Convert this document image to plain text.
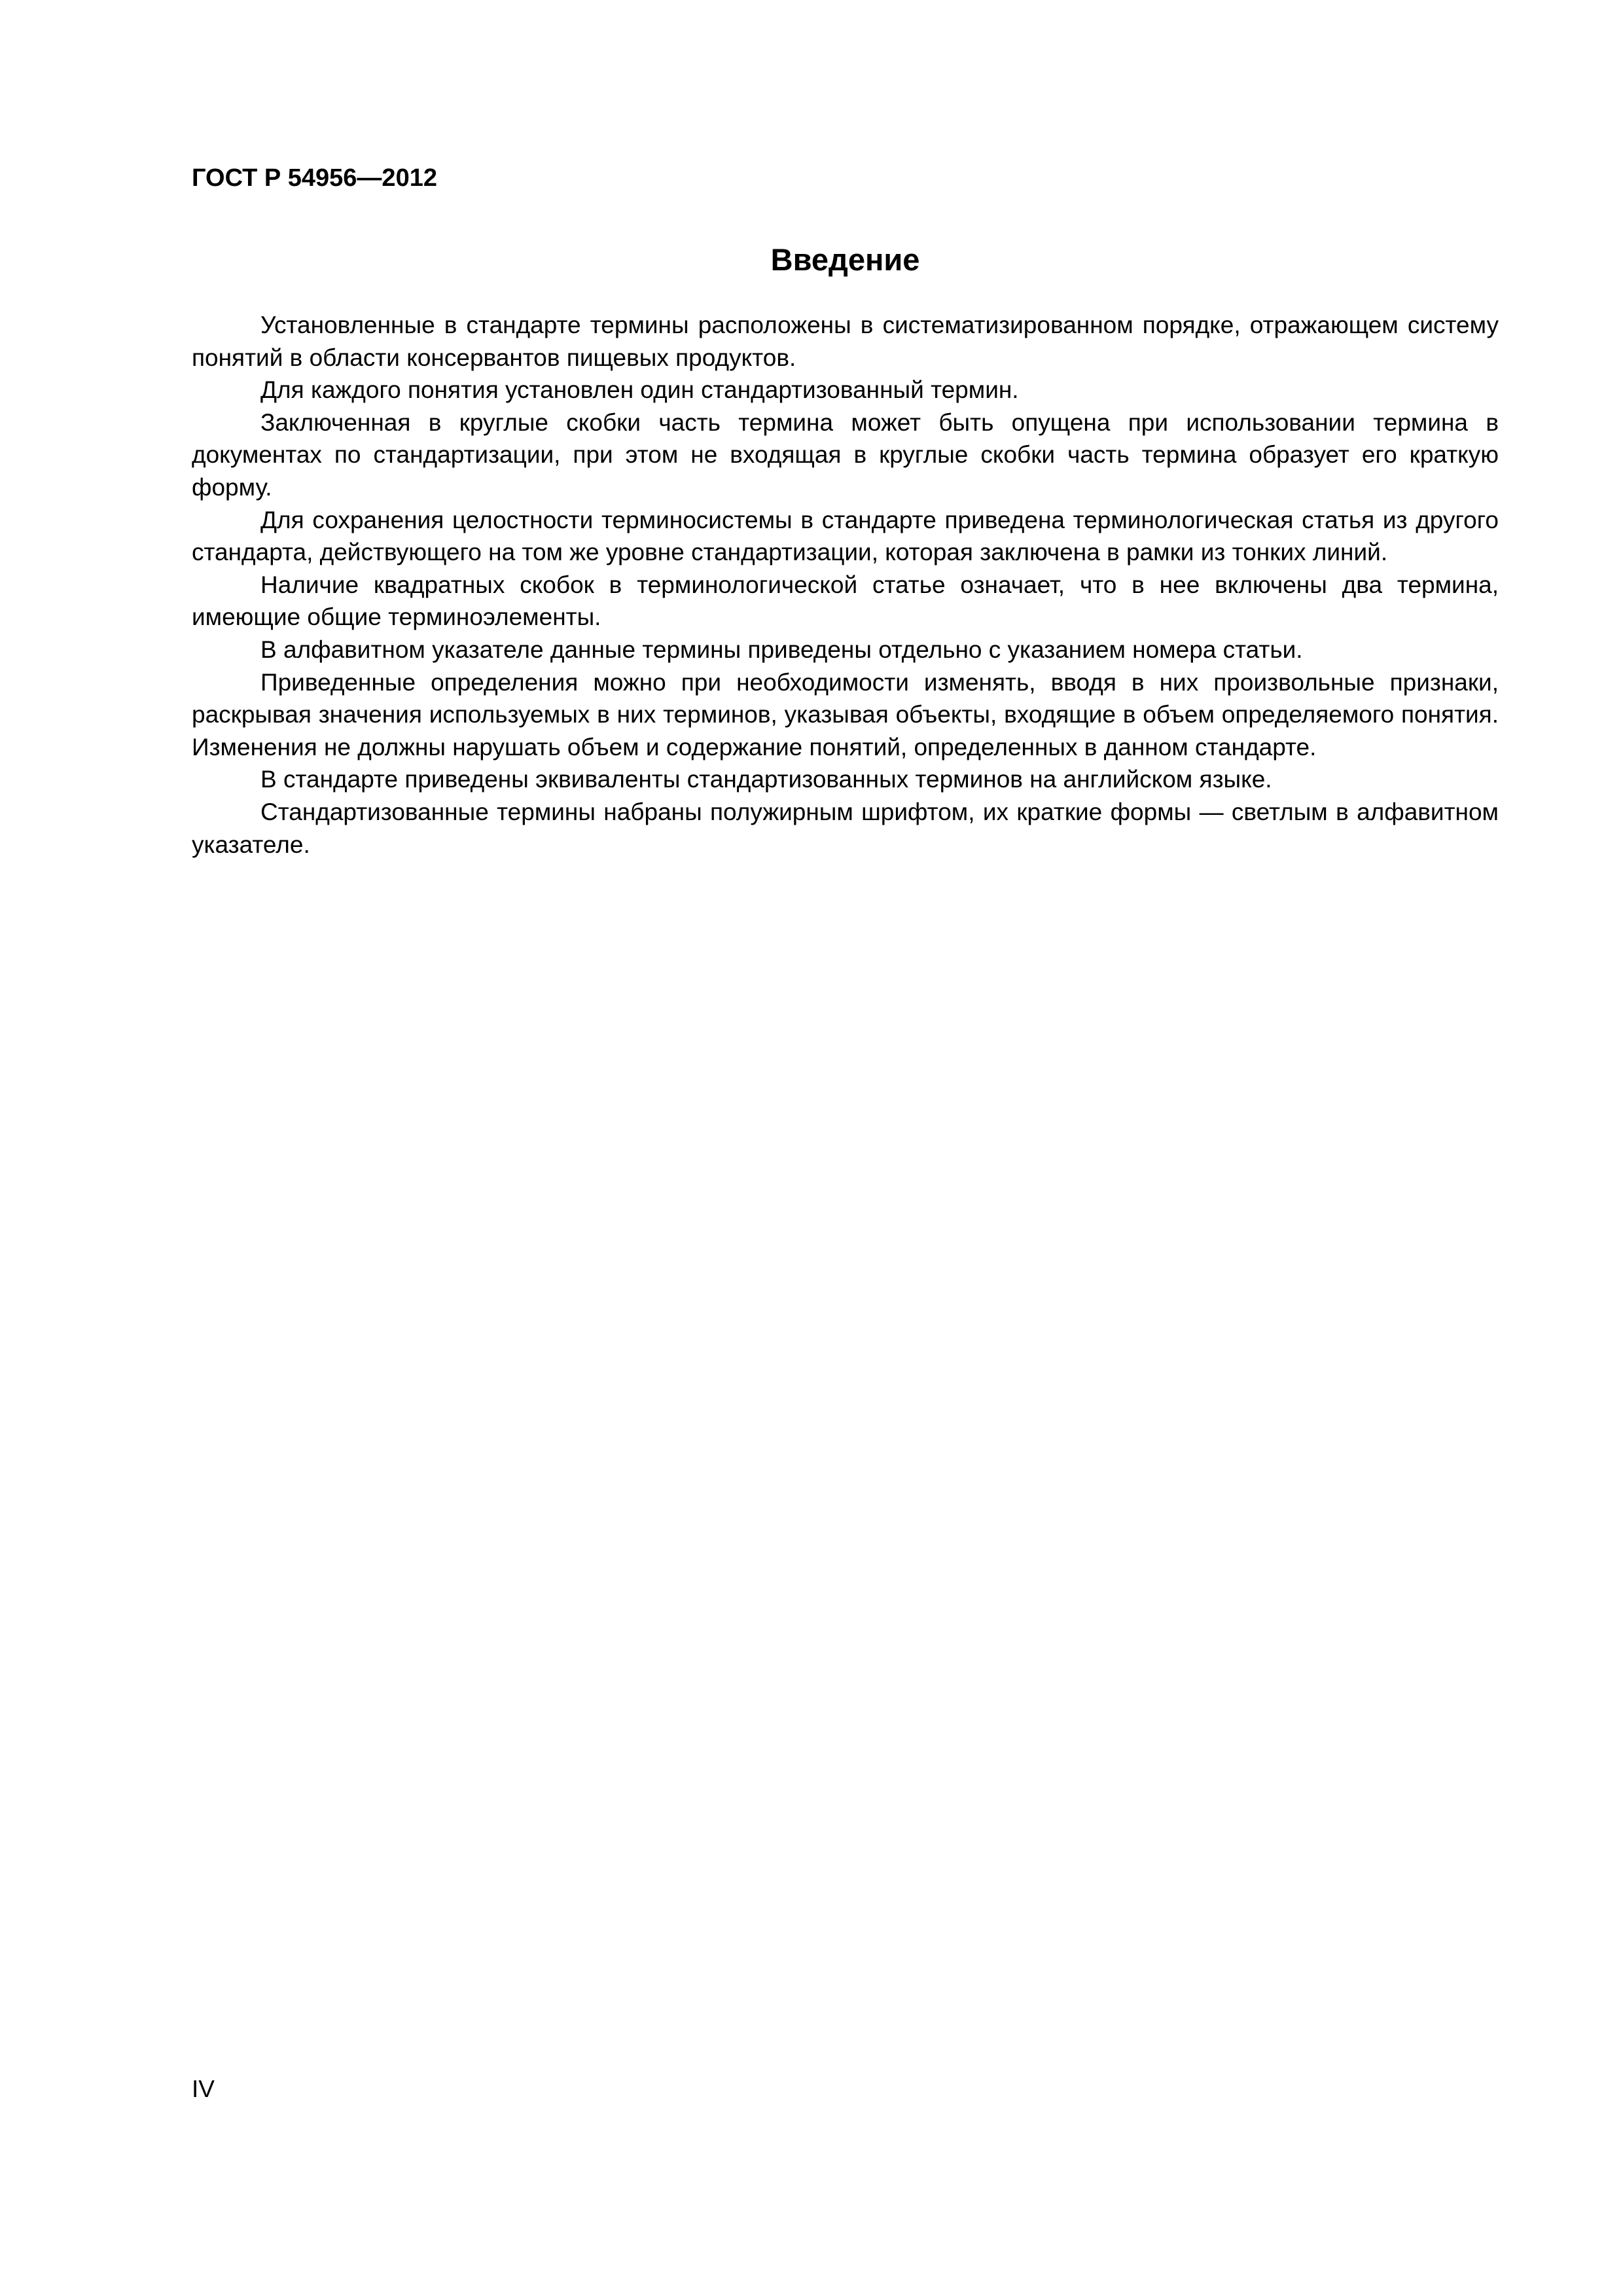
ГОСТ Р 54956—2012
Введение

Установленные в стандарте термины расположены в систематизированном порядке, отражающем систему понятий в области консервантов пищевых продуктов.

Для каждого понятия установлен один стандартизованный термин.

Заключенная в круглые скобки часть термина может быть опущена при использовании термина в документах по стандартизации, при этом не входящая в круглые скобки часть термина образует его краткую форму.

Для сохранения целостности терминосистемы в стандарте приведена терминологическая статья из другого стандарта, действующего на том же уровне стандартизации, которая заключена в рамки из тонких линий.

Наличие квадратных скобок в терминологической статье означает, что в нее включены два термина, имеющие общие терминоэлементы.

В алфавитном указателе данные термины приведены отдельно с указанием номера статьи.

Приведенные определения можно при необходимости изменять, вводя в них произвольные признаки, раскрывая значения используемых в них терминов, указывая объекты, входящие в объем определяемого понятия. Изменения не должны нарушать объем и содержание понятий, определенных в данном стандарте.

В стандарте приведены эквиваленты стандартизованных терминов на английском языке.

Стандартизованные термины набраны полужирным шрифтом, их краткие формы — светлым в алфавитном указателе.

IV
